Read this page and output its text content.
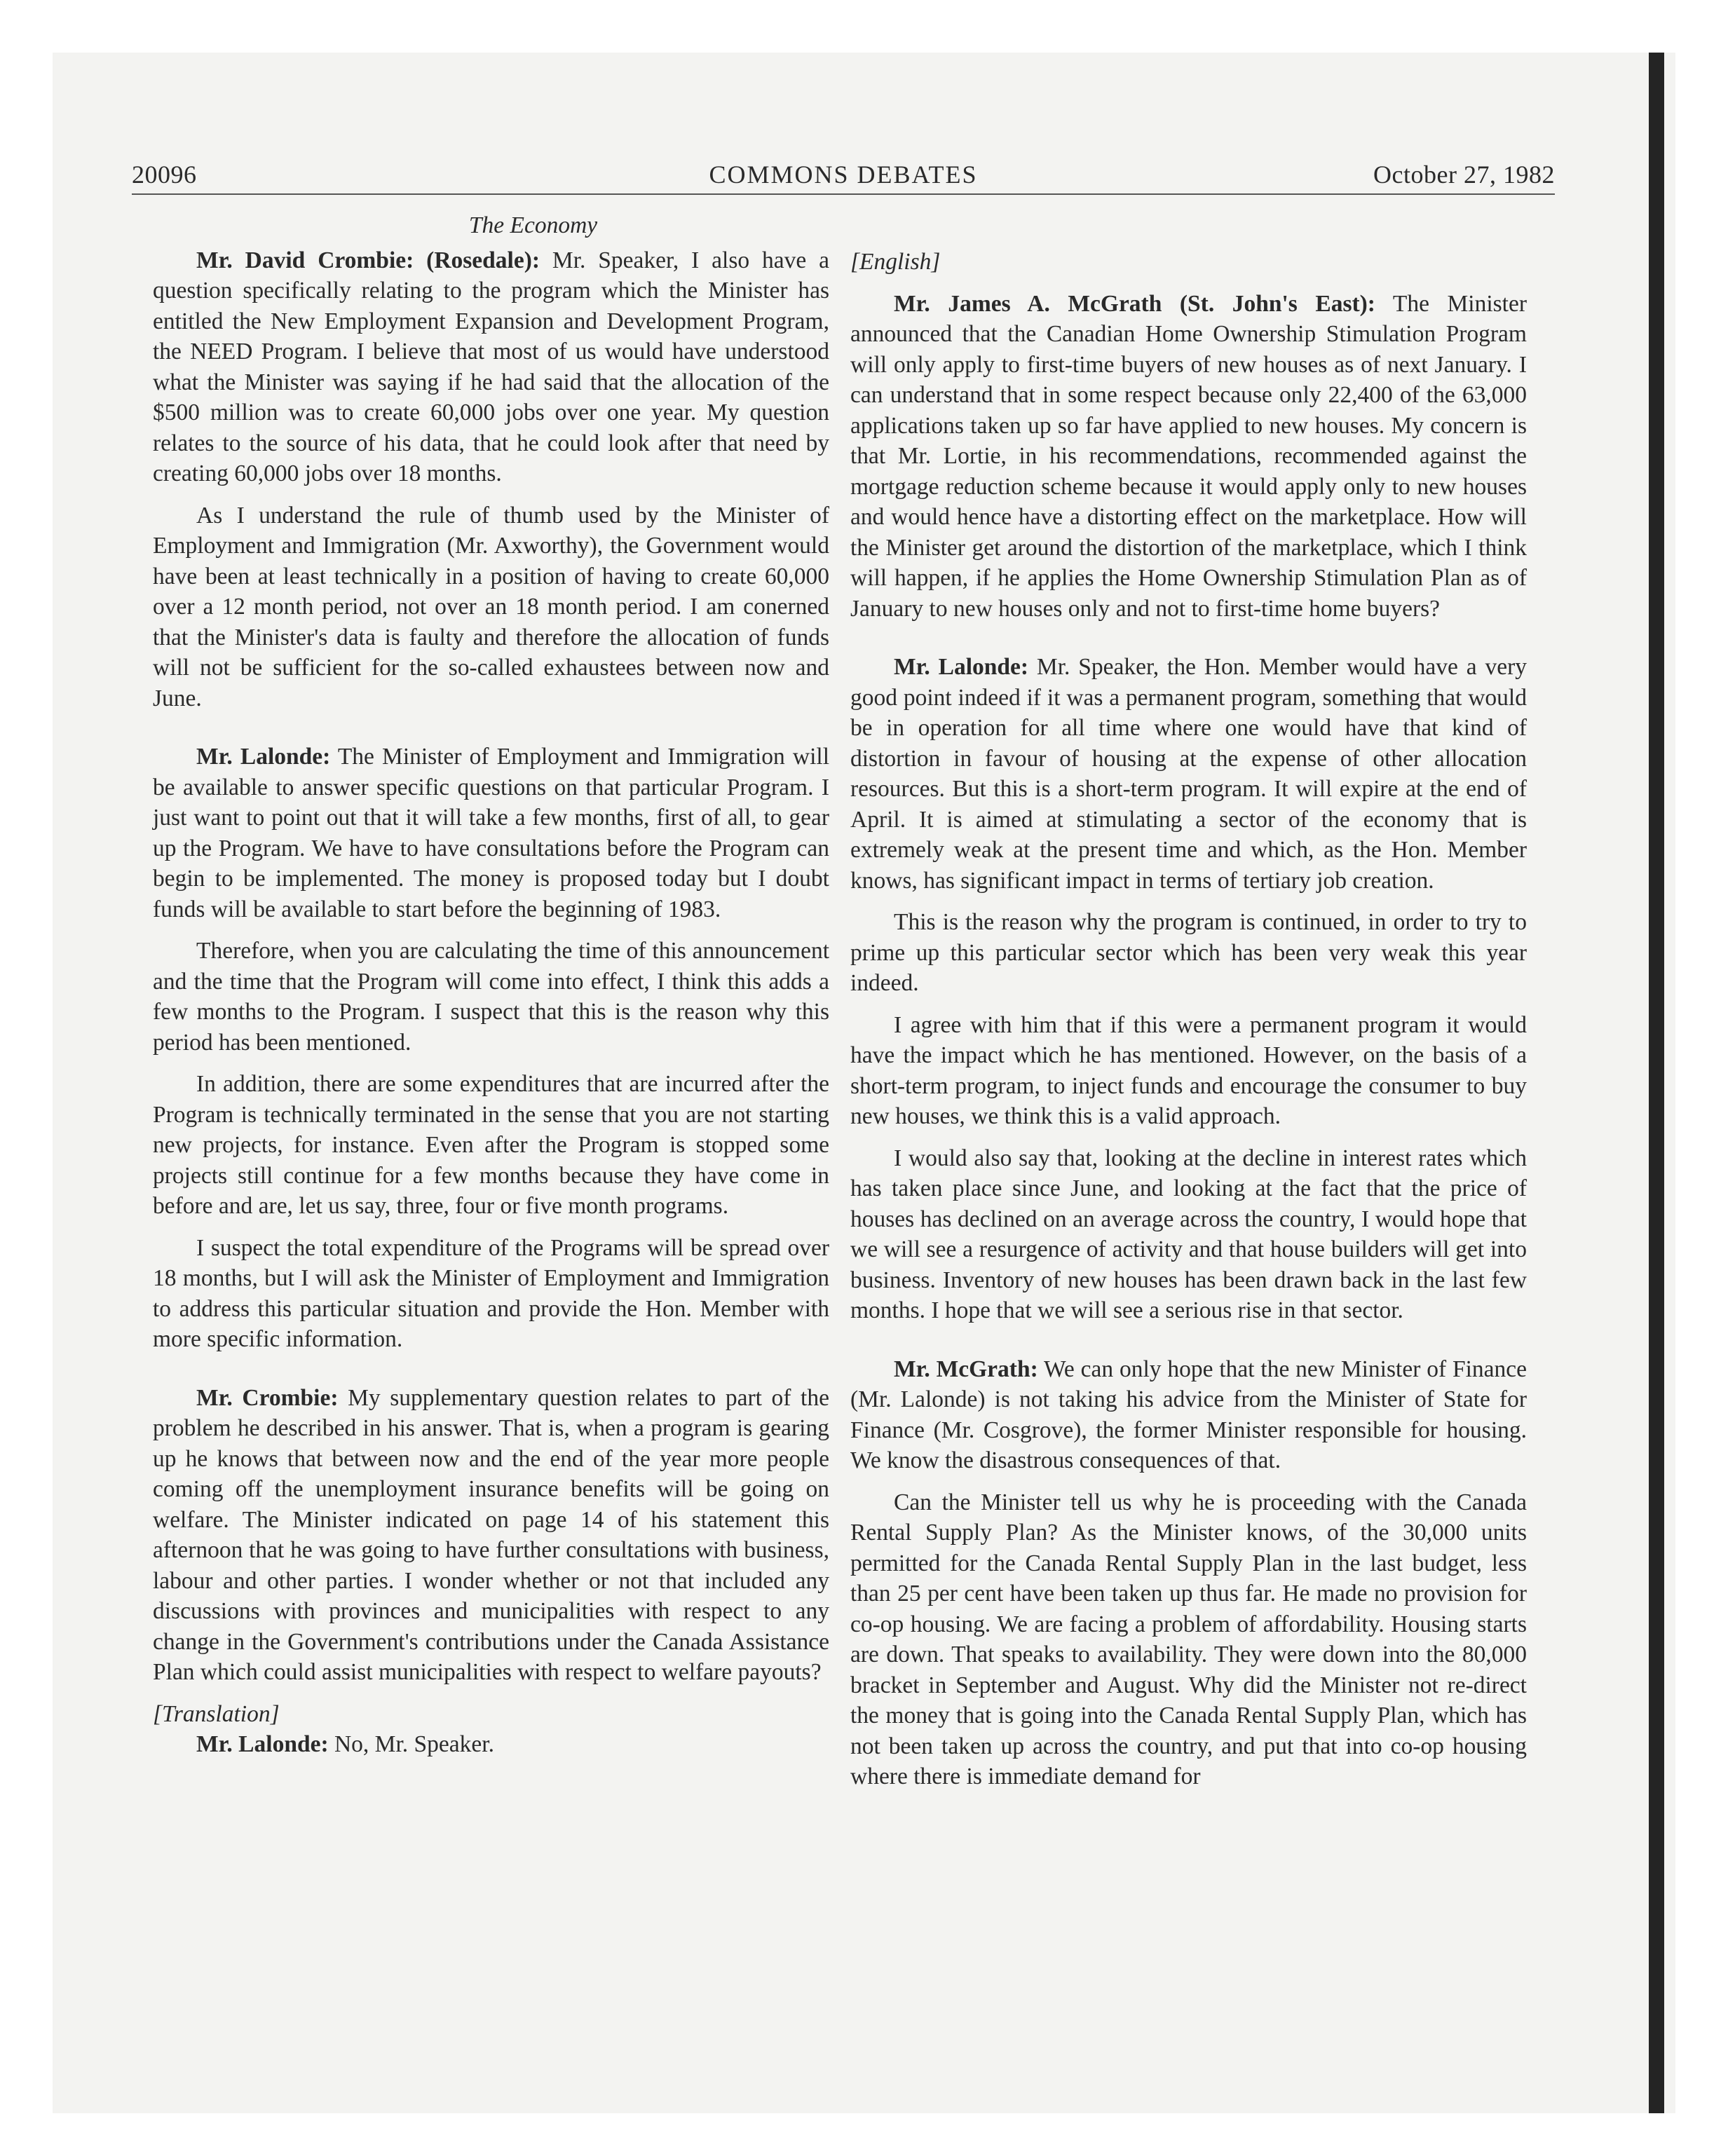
20096	COMMONS DEBATES	October 27, 1982
The Economy

Mr. David Crombie: (Rosedale): Mr. Speaker, I also have a question specifically relating to the program which the Minister has entitled the New Employment Expansion and Development Program, the NEED Program. I believe that most of us would have understood what the Minister was saying if he had said that the allocation of the $500 million was to create 60,000 jobs over one year. My question relates to the source of his data, that he could look after that need by creating 60,000 jobs over 18 months.

As I understand the rule of thumb used by the Minister of Employment and Immigration (Mr. Axworthy), the Government would have been at least technically in a position of having to create 60,000 over a 12 month period, not over an 18 month period. I am conerned that the Minister's data is faulty and therefore the allocation of funds will not be sufficient for the so-called exhaustees between now and June.

Mr. Lalonde: The Minister of Employment and Immigration will be available to answer specific questions on that particular Program. I just want to point out that it will take a few months, first of all, to gear up the Program. We have to have consultations before the Program can begin to be implemented. The money is proposed today but I doubt funds will be available to start before the beginning of 1983.

Therefore, when you are calculating the time of this announcement and the time that the Program will come into effect, I think this adds a few months to the Program. I suspect that this is the reason why this period has been mentioned.

In addition, there are some expenditures that are incurred after the Program is technically terminated in the sense that you are not starting new projects, for instance. Even after the Program is stopped some projects still continue for a few months because they have come in before and are, let us say, three, four or five month programs.

I suspect the total expenditure of the Programs will be spread over 18 months, but I will ask the Minister of Employment and Immigration to address this particular situation and provide the Hon. Member with more specific information.

Mr. Crombie: My supplementary question relates to part of the problem he described in his answer. That is, when a program is gearing up he knows that between now and the end of the year more people coming off the unemployment insurance benefits will be going on welfare. The Minister indicated on page 14 of his statement this afternoon that he was going to have further consultations with business, labour and other parties. I wonder whether or not that included any discussions with provinces and municipalities with respect to any change in the Government's contributions under the Canada Assistance Plan which could assist municipalities with respect to welfare payouts?

[Translation]

Mr. Lalonde: No, Mr. Speaker.

[English]

Mr. James A. McGrath (St. John's East): The Minister announced that the Canadian Home Ownership Stimulation Program will only apply to first-time buyers of new houses as of next January. I can understand that in some respect because only 22,400 of the 63,000 applications taken up so far have applied to new houses. My concern is that Mr. Lortie, in his recommendations, recommended against the mortgage reduction scheme because it would apply only to new houses and would hence have a distorting effect on the marketplace. How will the Minister get around the distortion of the marketplace, which I think will happen, if he applies the Home Ownership Stimulation Plan as of January to new houses only and not to first-time home buyers?

Mr. Lalonde: Mr. Speaker, the Hon. Member would have a very good point indeed if it was a permanent program, something that would be in operation for all time where one would have that kind of distortion in favour of housing at the expense of other allocation resources. But this is a short-term program. It will expire at the end of April. It is aimed at stimulating a sector of the economy that is extremely weak at the present time and which, as the Hon. Member knows, has significant impact in terms of tertiary job creation.

This is the reason why the program is continued, in order to try to prime up this particular sector which has been very weak this year indeed.

I agree with him that if this were a permanent program it would have the impact which he has mentioned. However, on the basis of a short-term program, to inject funds and encourage the consumer to buy new houses, we think this is a valid approach.

I would also say that, looking at the decline in interest rates which has taken place since June, and looking at the fact that the price of houses has declined on an average across the country, I would hope that we will see a resurgence of activity and that house builders will get into business. Inventory of new houses has been drawn back in the last few months. I hope that we will see a serious rise in that sector.

Mr. McGrath: We can only hope that the new Minister of Finance (Mr. Lalonde) is not taking his advice from the Minister of State for Finance (Mr. Cosgrove), the former Minister responsible for housing. We know the disastrous consequences of that.

Can the Minister tell us why he is proceeding with the Canada Rental Supply Plan? As the Minister knows, of the 30,000 units permitted for the Canada Rental Supply Plan in the last budget, less than 25 per cent have been taken up thus far. He made no provision for co-op housing. We are facing a problem of affordability. Housing starts are down. That speaks to availability. They were down into the 80,000 bracket in September and August. Why did the Minister not re-direct the money that is going into the Canada Rental Supply Plan, which has not been taken up across the country, and put that into co-op housing where there is immediate demand for
